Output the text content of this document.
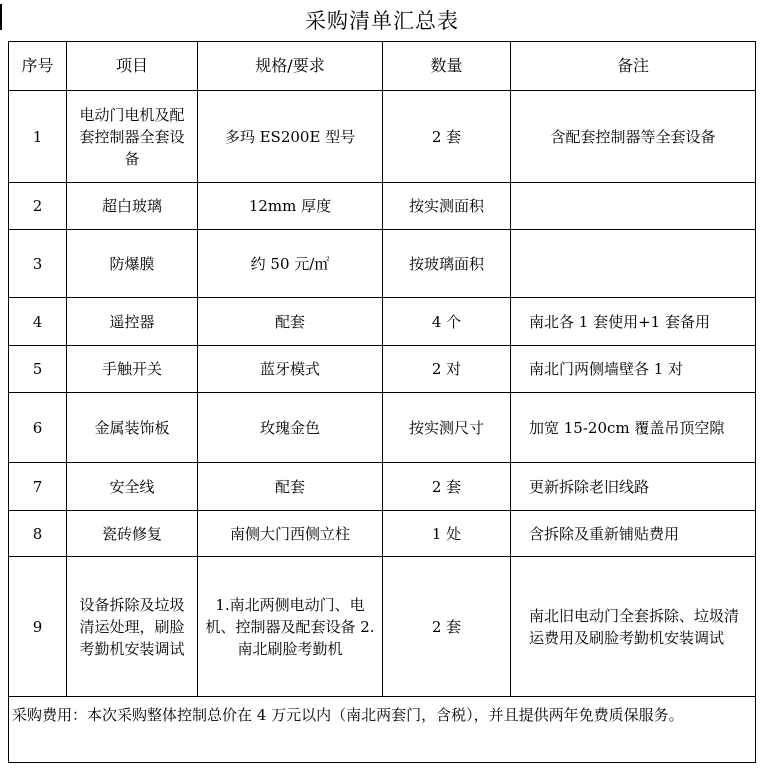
采购清单汇总表
序号	项目	规格/要求	数量	备注
1	电动门电机及配套控制器全套设备	多玛 ES200E 型号	2 套	含配套控制器等全套设备
2	超白玻璃	12mm 厚度	按实测面积	
3	防爆膜	约 50 元/㎡	按玻璃面积	
4	遥控器	配套	4 个	南北各 1 套使用+1 套备用
5	手触开关	蓝牙模式	2 对	南北门两侧墙壁各 1 对
6	金属装饰板	玫瑰金色	按实测尺寸	加宽 15-20cm 覆盖吊顶空隙
7	安全线	配套	2 套	更新拆除老旧线路
8	瓷砖修复	南侧大门西侧立柱	1 处	含拆除及重新铺贴费用
9	设备拆除及垃圾清运处理，刷脸考勤机安装调试	1.南北两侧电动门、电机、控制器及配套设备 2.南北刷脸考勤机	2 套	南北旧电动门全套拆除、垃圾清运费用及刷脸考勤机安装调试
采购费用：本次采购整体控制总价在 4 万元以内（南北两套门，含税），并且提供两年免费质保服务。				
